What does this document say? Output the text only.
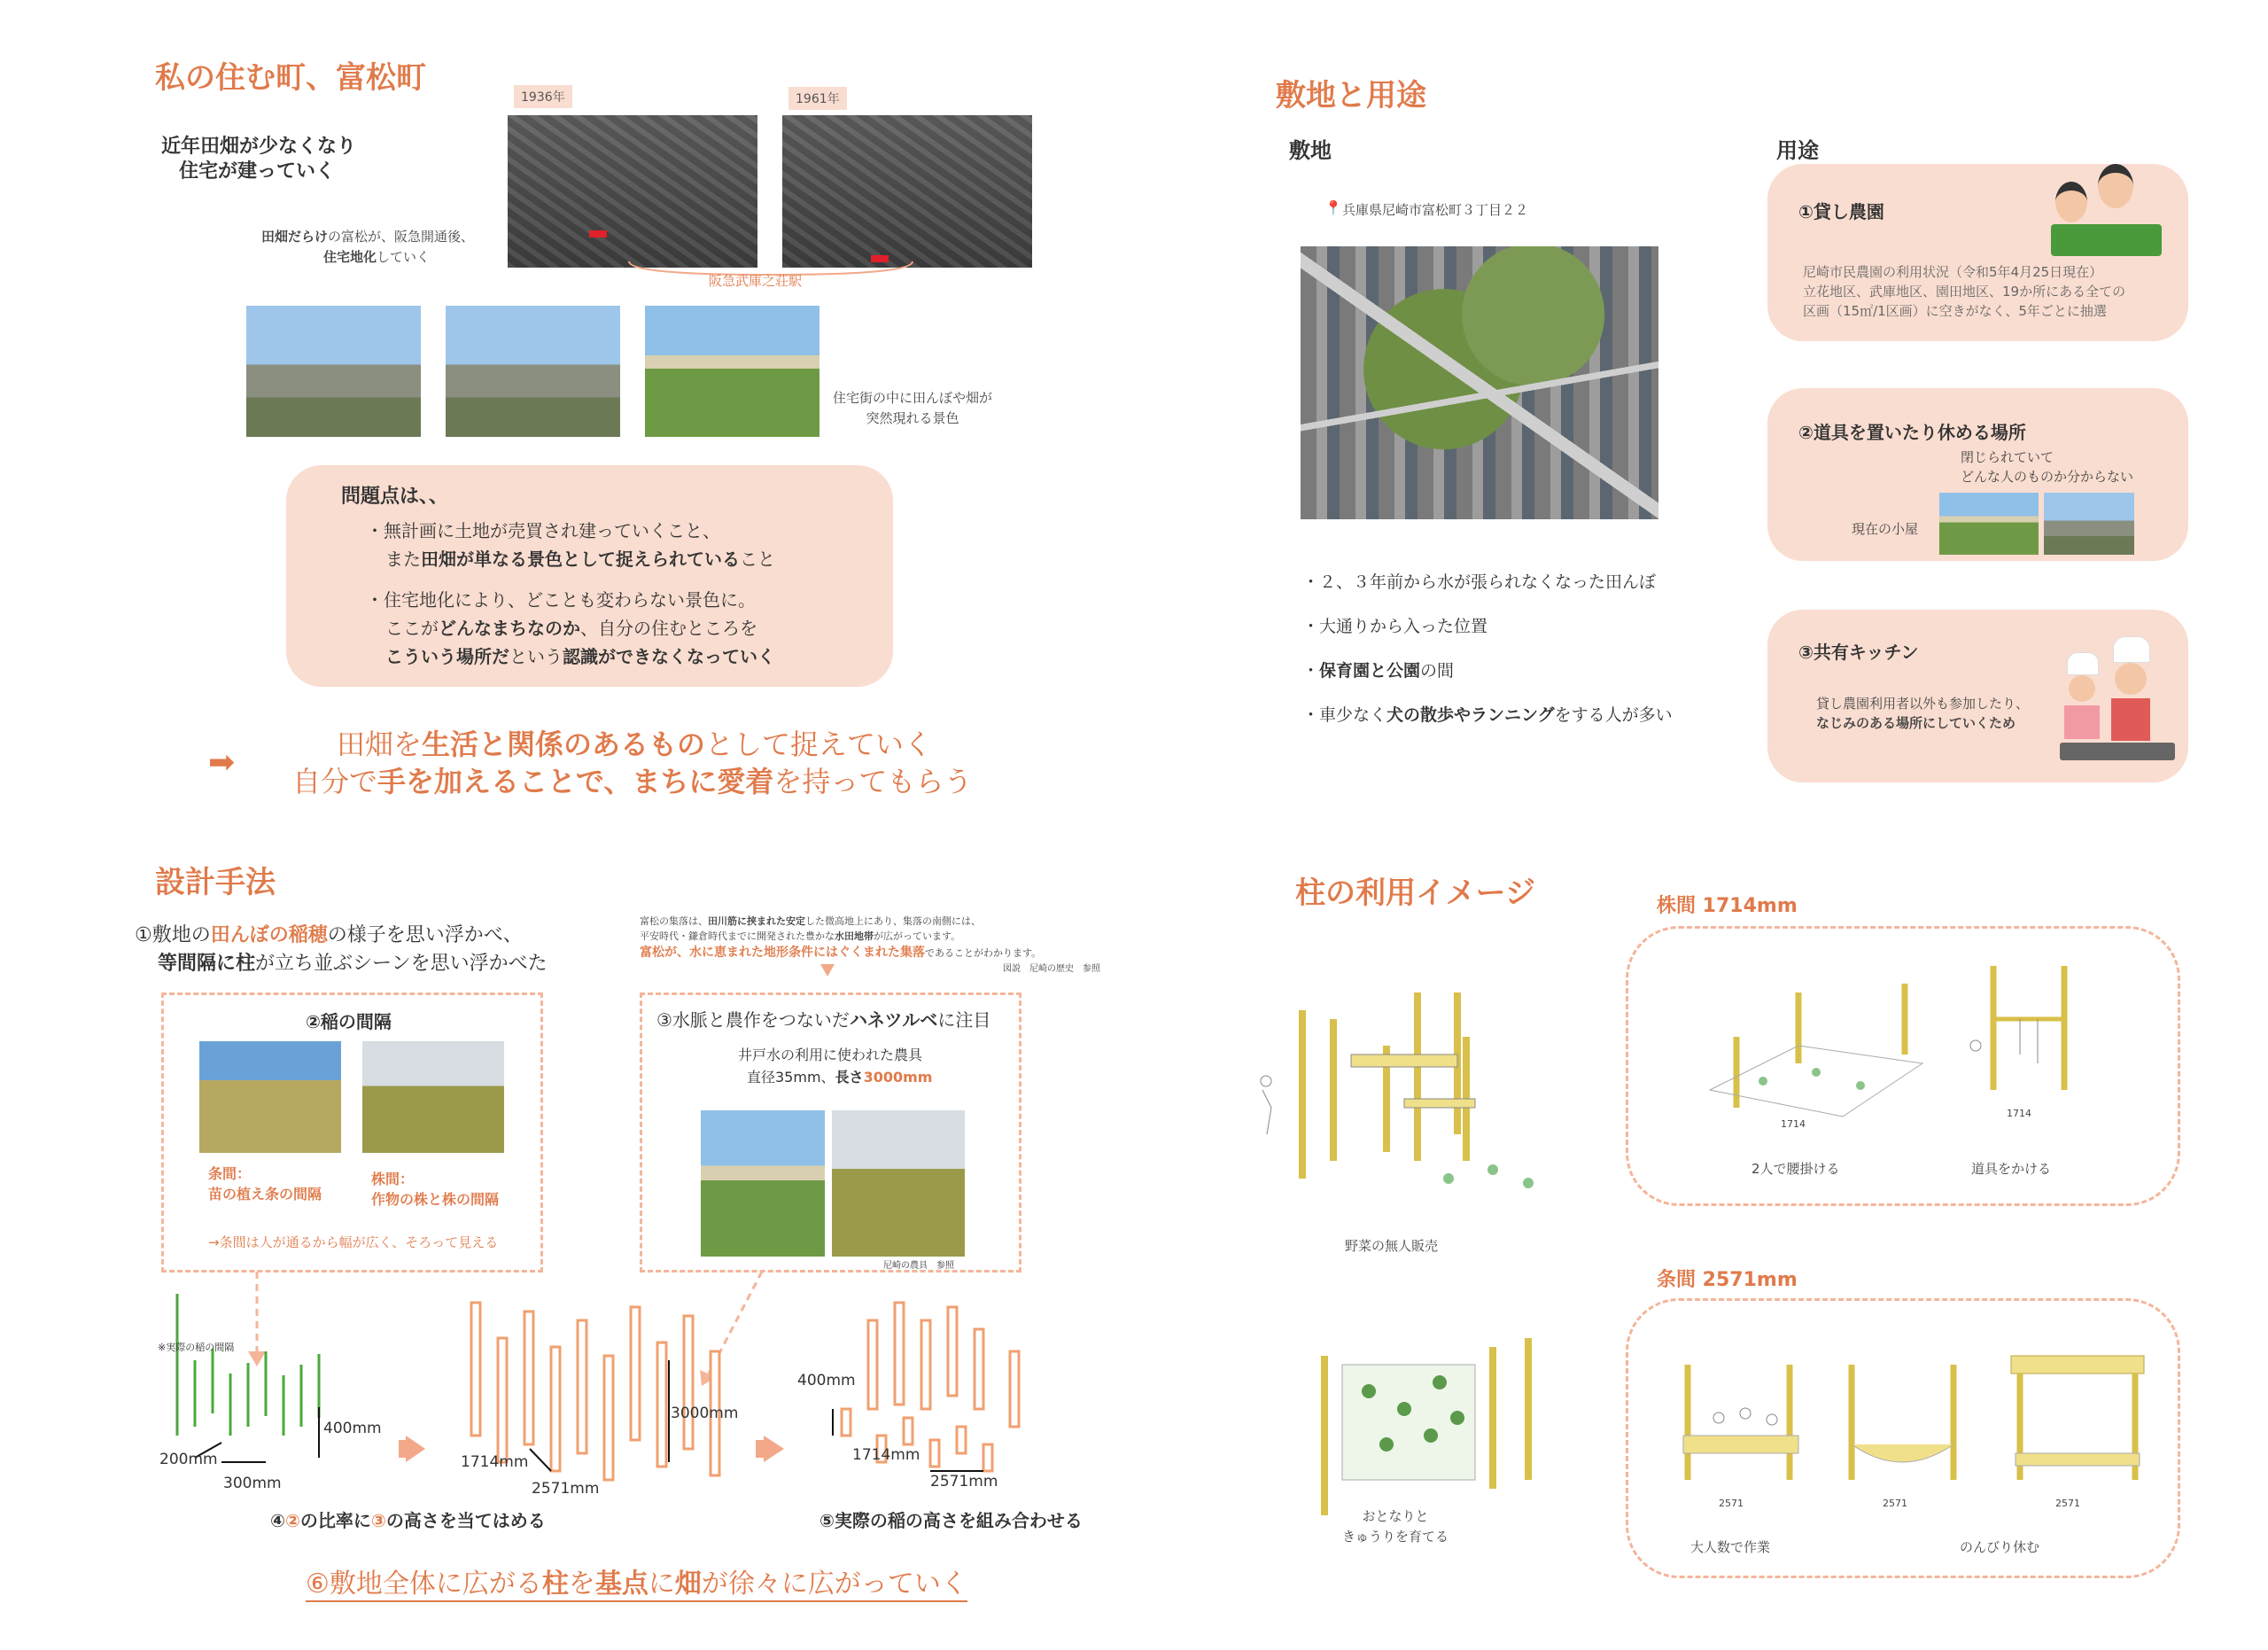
私の住む町、富松町
近年田畑が少なくなり
住宅が建っていく
1936年	1961年
田畑だらけの富松が、阪急開通後、
住宅地化していく
阪急武庫之荘駅
住宅街の中に田んぼや畑が
突然現れる景色
問題点は、、
・無計画に土地が売買され建っていくこと、
また田畑が単なる景色として捉えられていること
・住宅地化により、どことも変わらない景色に。
ここがどんなまちなのか、自分の住むところを
こういう場所だという認識ができなくなっていく
➡	田畑を生活と関係のあるものとして捉えていく
自分で手を加えることで、まちに愛着を持ってもらう
敷地と用途
敷地	用途
📍 兵庫県尼崎市富松町３丁目２２
・２、３年前から水が張られなくなった田んぼ
・大通りから入った位置
・保育園と公園の間
・車少なく犬の散歩やランニングをする人が多い
①貸し農園
尼崎市民農園の利用状況（令和5年4月25日現在）
立花地区、武庫地区、園田地区、19か所にある全ての
区画（15㎡/1区画）に空きがなく、5年ごとに抽選
②道具を置いたり休める場所
閉じられていて
どんな人のものか分からない
現在の小屋
③共有キッチン
貸し農園利用者以外も参加したり、
なじみのある場所にしていくため
設計手法
①敷地の田んぼの稲穂の様子を思い浮かべ、
等間隔に柱が立ち並ぶシーンを思い浮かべた
富松の集落は、田川筋に挟まれた安定した微高地上にあり、集落の南側には、
平安時代・鎌倉時代までに開発された豊かな水田地帯が広がっています。
富松が、水に恵まれた地形条件にはぐくまれた集落であることがわかります。
図説　尼崎の歴史　参照
②稲の間隔
条間：
苗の植え条の間隔
株間：
作物の株と株の間隔
→条間は人が通るから幅が広く、そろって見える
③水脈と農作をつないだハネツルベに注目
井戸水の利用に使われた農具
直径35mm、長さ3000mm
尼崎の農具　参照
※実際の稲の間隔
400mm
200mm
300mm
3000mm
1714mm
2571mm
400mm
1714mm
2571mm
④②の比率に③の高さを当てはめる	⑤実際の稲の高さを組み合わせる
⑥敷地全体に広がる柱を基点に畑が徐々に広がっていく
柱の利用イメージ	株間 1714mm
条間 2571mm
野菜の無人販売
おとなりと
きゅうりを育てる
1714
2人で腰掛ける
1714
道具をかける
2571
大人数で作業
2571	2571
のんびり休む
